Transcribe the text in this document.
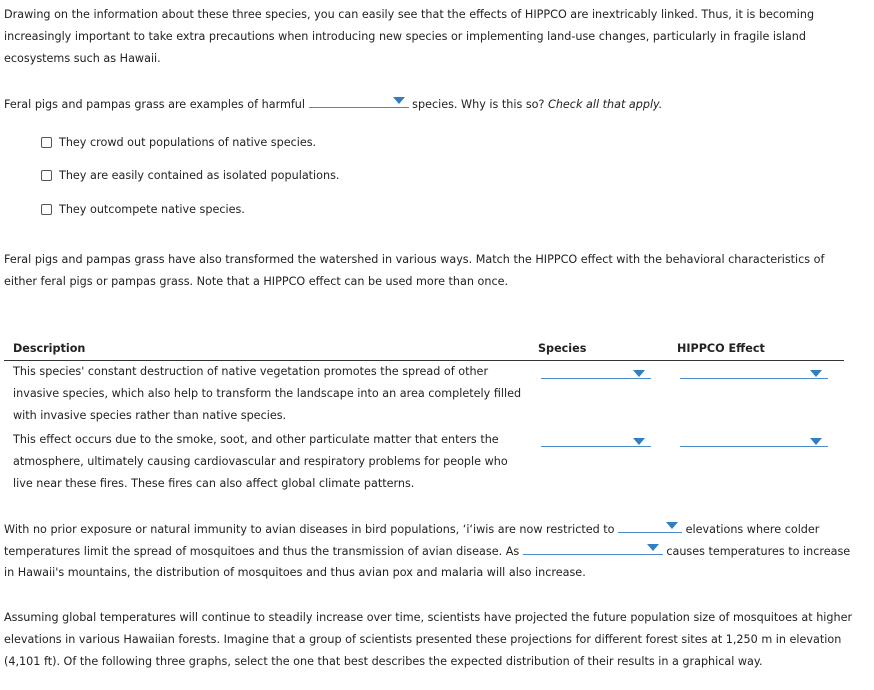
Drawing on the information about these three species, you can easily see that the effects of HIPPCO are inextricably linked. Thus, it is becoming increasingly important to take extra precautions when introducing new species or implementing land-use changes, particularly in fragile island ecosystems such as Hawaii.

Feral pigs and pampas grass are examples of harmful	species. Why is this so? Check all that apply.
They crowd out populations of native species.
They are easily contained as isolated populations.
They outcompete native species.

Feral pigs and pampas grass have also transformed the watershed in various ways. Match the HIPPCO effect with the behavioral characteristics of either feral pigs or pampas grass. Note that a HIPPCO effect can be used more than once.

Description	Species	HIPPCO Effect

This species' constant destruction of native vegetation promotes the spread of other invasive species, which also help to transform the landscape into an area completely filled with invasive species rather than native species.

This effect occurs due to the smoke, soot, and other particulate matter that enters the atmosphere, ultimately causing cardiovascular and respiratory problems for people who live near these fires. These fires can also affect global climate patterns.

With no prior exposure or natural immunity to avian diseases in bird populations, ‘i‘iwis are now restricted to	elevations where colder
temperatures limit the spread of mosquitoes and thus the transmission of avian disease. As	causes temperatures to increase
in Hawaii's mountains, the distribution of mosquitoes and thus avian pox and malaria will also increase.

Assuming global temperatures will continue to steadily increase over time, scientists have projected the future population size of mosquitoes at higher elevations in various Hawaiian forests. Imagine that a group of scientists presented these projections for different forest sites at 1,250 m in elevation (4,101 ft). Of the following three graphs, select the one that best describes the expected distribution of their results in a graphical way.
